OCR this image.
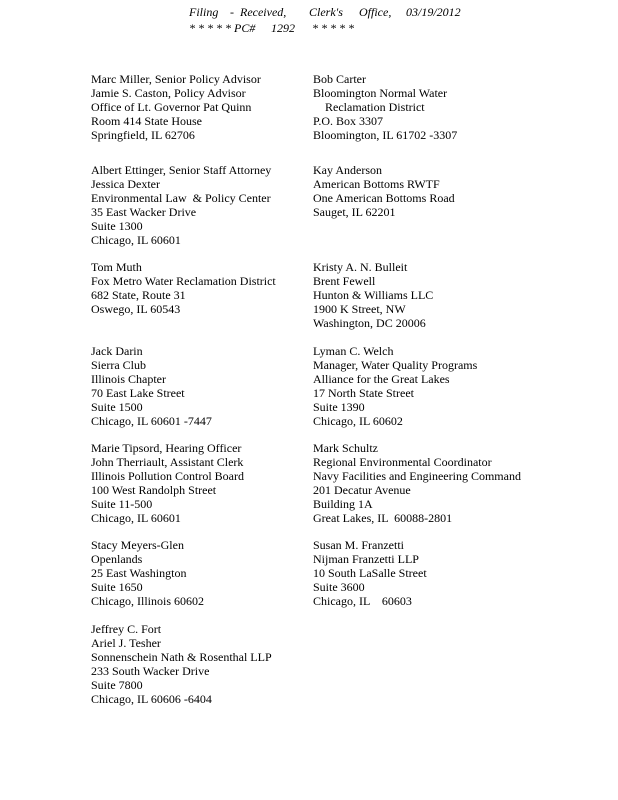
Filing - Received, Clerk's Office, 03/19/2012
* * * * * PC# 1292 * * * * *
Marc Miller, Senior Policy Advisor
Jamie S. Caston, Policy Advisor
Office of Lt. Governor Pat Quinn
Room 414 State House
Springfield, IL 62706
Albert Ettinger, Senior Staff Attorney
Jessica Dexter
Environmental Law  & Policy Center
35 East Wacker Drive
Suite 1300
Chicago, IL 60601
Tom Muth
Fox Metro Water Reclamation District
682 State, Route 31
Oswego, IL 60543
Jack Darin
Sierra Club
Illinois Chapter
70 East Lake Street
Suite 1500
Chicago, IL 60601 -7447
Marie Tipsord, Hearing Officer
John Therriault, Assistant Clerk
Illinois Pollution Control Board
100 West Randolph Street
Suite 11-500
Chicago, IL 60601
Stacy Meyers-Glen
Openlands
25 East Washington
Suite 1650
Chicago, Illinois 60602
Jeffrey C. Fort
Ariel J. Tesher
Sonnenschein Nath & Rosenthal LLP
233 South Wacker Drive
Suite 7800
Chicago, IL 60606 -6404
Bob Carter
Bloomington Normal Water
Reclamation District
P.O. Box 3307
Bloomington, IL 61702 -3307
Kay Anderson
American Bottoms RWTF
One American Bottoms Road
Sauget, IL 62201
Kristy A. N. Bulleit
Brent Fewell
Hunton & Williams LLC
1900 K Street, NW
Washington, DC 20006
Lyman C. Welch
Manager, Water Quality Programs
Alliance for the Great Lakes
17 North State Street
Suite 1390
Chicago, IL 60602
Mark Schultz
Regional Environmental Coordinator
Navy Facilities and Engineering Command
201 Decatur Avenue
Building 1A
Great Lakes, IL  60088-2801
Susan M. Franzetti
Nijman Franzetti LLP
10 South LaSalle Street
Suite 3600
Chicago, IL    60603
